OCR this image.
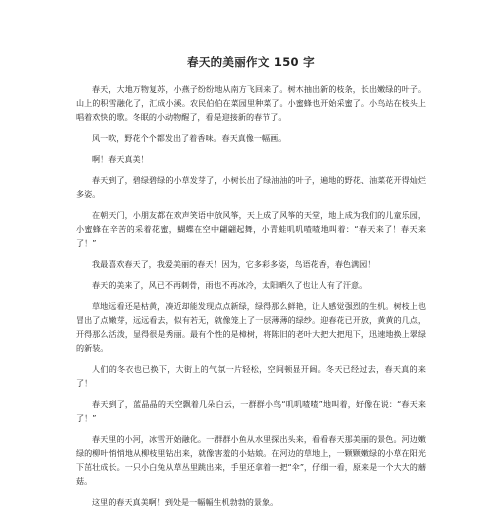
春天的美丽作文 150 字

春天，大地万物复苏，小燕子纷纷地从南方飞回来了。树木抽出新的枝条，长出嫩绿的叶子。山上的积雪融化了，汇成小溪。农民伯伯在菜园里种菜了。小蜜蜂也开始采蜜了。小鸟站在枝头上唱着欢快的歌。冬眠的小动物醒了，看是迎接新的春节了。

风一吹，野花个个都发出了着香味。春天真像一幅画。

啊！春天真美！

春天到了，碧绿碧绿的小草发芽了，小树长出了绿油油的叶子，遍地的野花、油菜花开得灿烂多姿。

在朝天门，小朋友都在欢声笑语中放风筝，天上成了风筝的天堂，地上成为我们的儿童乐园，小蜜蜂在辛苦的采着花蜜，蝴蝶在空中翩翩起舞，小青蛙叽叽喳喳地叫着：“春天来了！春天来了！”

我最喜欢春天了，我爱美丽的春天！因为，它多彩多姿，鸟语花香，春色满园！

春天的美来了，风已不再刺骨，雨也不再冰冷，太阳晒久了也让人有了汗意。

草地远看还是枯黄，凑近却能发现点点新绿，绿得那么鲜艳，让人感觉强烈的生机。树枝上也冒出了点嫩芽，远远看去，似有若无，就像笼上了一层薄薄的绿纱。迎春花已开放，黄黄的几点，开得那么活泼，显得很是秀丽。最有个性的是樟树，将陈旧的老叶大把大把甩下，迅速地换上翠绿的新装。

人们的冬衣也已换下，大街上的气氛一片轻松，空间顿显开阔。冬天已经过去，春天真的来了！

春天到了，蓝晶晶的天空飘着几朵白云，一群群小鸟“叽叽喳喳”地叫着，好像在说：“春天来了！”

春天里的小河，冰雪开始融化。一群群小鱼从水里探出头来，看看春天那美丽的景色。河边嫩绿的柳叶悄悄地从柳枝里钻出来，就像害羞的小姑娘。在河边的草地上，一颗颗嫩绿的小草在阳光下茁壮成长。一只小白兔从草丛里跳出来，手里还拿着一把“伞”，仔细一看，原来是一个大大的蘑菇。

这里的春天真美啊！到处是一幅幅生机勃勃的景象。
